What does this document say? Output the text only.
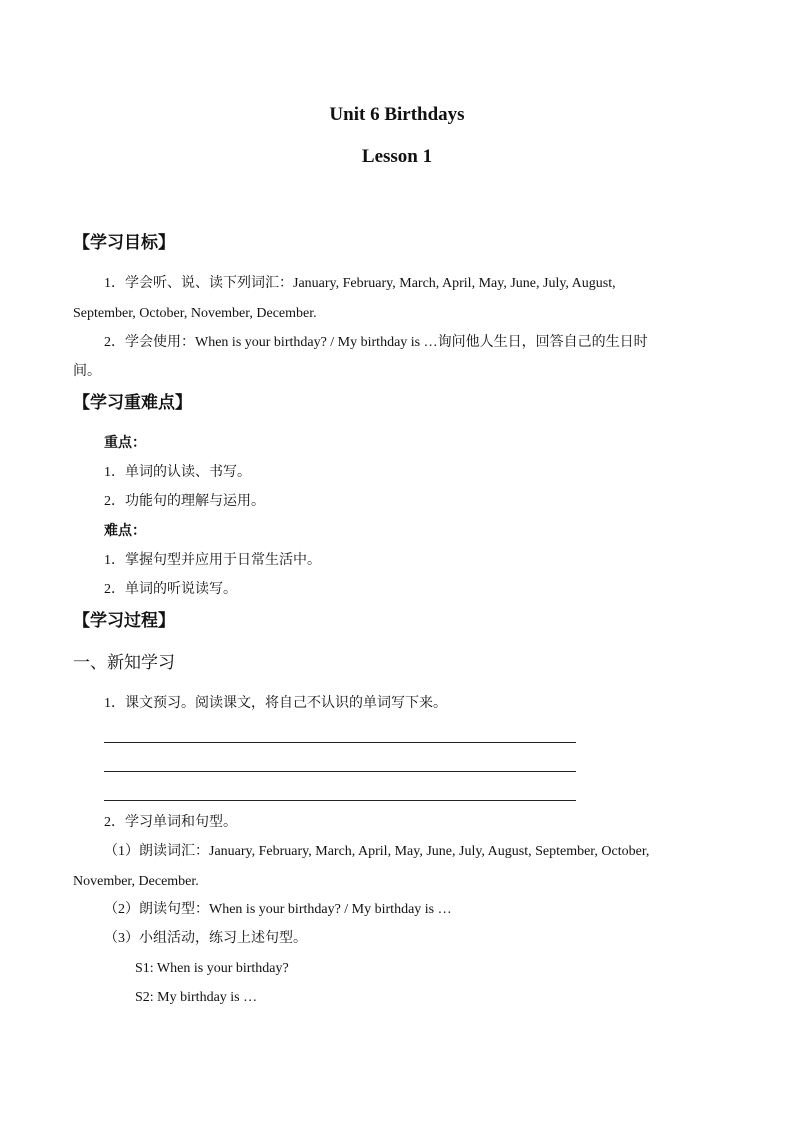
Unit 6 Birthdays
Lesson 1
【学习目标】
1．学会听、说、读下列词汇：January, February, March, April, May, June, July, August,
September, October, November, December.
2．学会使用：When is your birthday? / My birthday is …询问他人生日，回答自己的生日时
间。
【学习重难点】
重点：
1．单词的认读、书写。
2．功能句的理解与运用。
难点：
1．掌握句型并应用于日常生活中。
2．单词的听说读写。
【学习过程】
一、新知学习
1．课文预习。阅读课文，将自己不认识的单词写下来。
2．学习单词和句型。
（1）朗读词汇：January, February, March, April, May, June, July, August, September, October,
November, December.
（2）朗读句型：When is your birthday? / My birthday is …
（3）小组活动，练习上述句型。
S1: When is your birthday?
S2: My birthday is …
